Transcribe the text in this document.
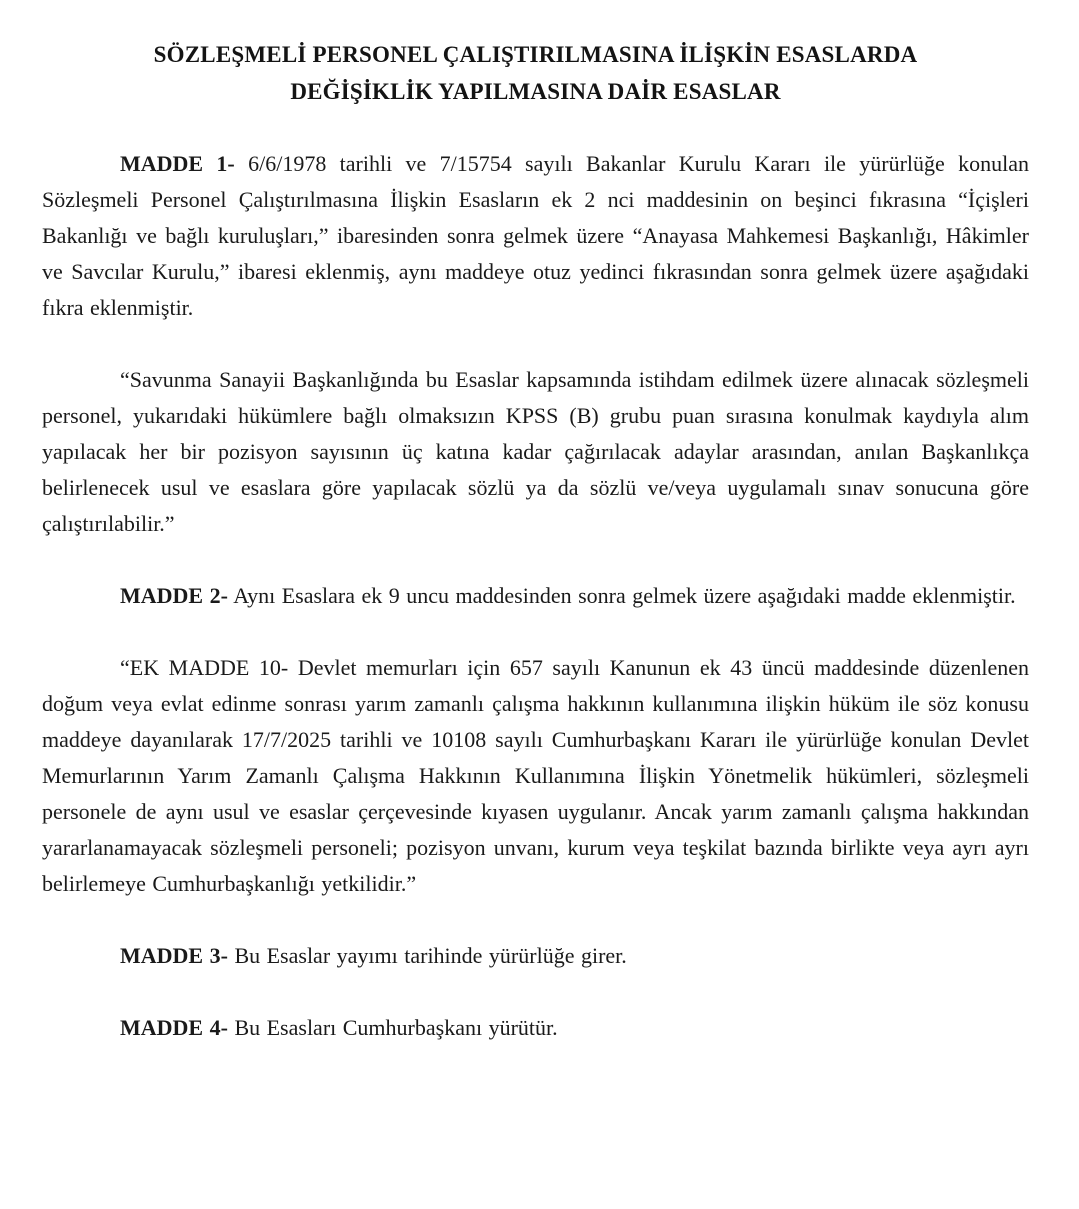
SÖZLEŞMELİ PERSONEL ÇALIŞTIRILMASINA İLİŞKİN ESASLARDA
DEĞİŞİKLİK YAPILMASINA DAİR ESASLAR

MADDE 1- 6/6/1978 tarihli ve 7/15754 sayılı Bakanlar Kurulu Kararı ile yürürlüğe konulan Sözleşmeli Personel Çalıştırılmasına İlişkin Esasların ek 2 nci maddesinin on beşinci fıkrasına “İçişleri Bakanlığı ve bağlı kuruluşları,” ibaresinden sonra gelmek üzere “Anayasa Mahkemesi Başkanlığı, Hâkimler ve Savcılar Kurulu,” ibaresi eklenmiş, aynı maddeye otuz yedinci fıkrasından sonra gelmek üzere aşağıdaki fıkra eklenmiştir.

“Savunma Sanayii Başkanlığında bu Esaslar kapsamında istihdam edilmek üzere alınacak sözleşmeli personel, yukarıdaki hükümlere bağlı olmaksızın KPSS (B) grubu puan sırasına konulmak kaydıyla alım yapılacak her bir pozisyon sayısının üç katına kadar çağırılacak adaylar arasından, anılan Başkanlıkça belirlenecek usul ve esaslara göre yapılacak sözlü ya da sözlü ve/veya uygulamalı sınav sonucuna göre çalıştırılabilir.”

MADDE 2- Aynı Esaslara ek 9 uncu maddesinden sonra gelmek üzere aşağıdaki madde eklenmiştir.

“EK MADDE 10- Devlet memurları için 657 sayılı Kanunun ek 43 üncü maddesinde düzenlenen doğum veya evlat edinme sonrası yarım zamanlı çalışma hakkının kullanımına ilişkin hüküm ile söz konusu maddeye dayanılarak 17/7/2025 tarihli ve 10108 sayılı Cumhurbaşkanı Kararı ile yürürlüğe konulan Devlet Memurlarının Yarım Zamanlı Çalışma Hakkının Kullanımına İlişkin Yönetmelik hükümleri, sözleşmeli personele de aynı usul ve esaslar çerçevesinde kıyasen uygulanır. Ancak yarım zamanlı çalışma hakkından yararlanamayacak sözleşmeli personeli; pozisyon unvanı, kurum veya teşkilat bazında birlikte veya ayrı ayrı belirlemeye Cumhurbaşkanlığı yetkilidir.”

MADDE 3- Bu Esaslar yayımı tarihinde yürürlüğe girer.

MADDE 4- Bu Esasları Cumhurbaşkanı yürütür.
